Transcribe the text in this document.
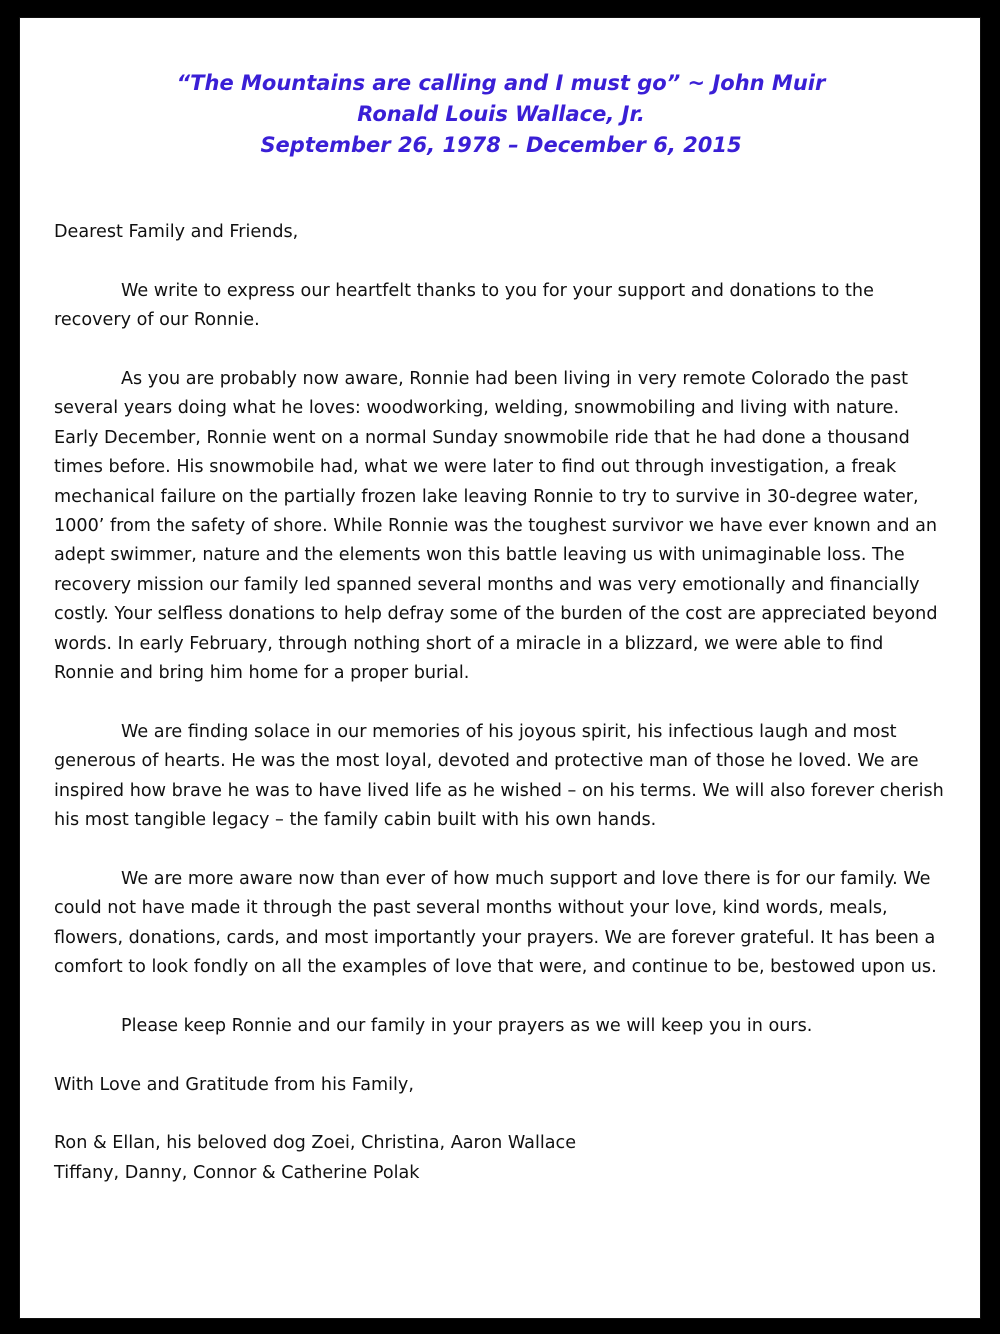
“The Mountains are calling and I must go” ~ John Muir
Ronald Louis Wallace, Jr.
September 26, 1978 – December 6, 2015

Dearest Family and Friends,

We write to express our heartfelt thanks to you for your support and donations to the recovery of our Ronnie.

As you are probably now aware, Ronnie had been living in very remote Colorado the past several years doing what he loves: woodworking, welding, snowmobiling and living with nature. Early December, Ronnie went on a normal Sunday snowmobile ride that he had done a thousand times before. His snowmobile had, what we were later to find out through investigation, a freak mechanical failure on the partially frozen lake leaving Ronnie to try to survive in 30-degree water, 1000’ from the safety of shore. While Ronnie was the toughest survivor we have ever known and an adept swimmer, nature and the elements won this battle leaving us with unimaginable loss. The recovery mission our family led spanned several months and was very emotionally and financially costly. Your selfless donations to help defray some of the burden of the cost are appreciated beyond words. In early February, through nothing short of a miracle in a blizzard, we were able to find Ronnie and bring him home for a proper burial.

We are finding solace in our memories of his joyous spirit, his infectious laugh and most generous of hearts. He was the most loyal, devoted and protective man of those he loved. We are inspired how brave he was to have lived life as he wished – on his terms. We will also forever cherish his most tangible legacy – the family cabin built with his own hands.

We are more aware now than ever of how much support and love there is for our family. We could not have made it through the past several months without your love, kind words, meals, flowers, donations, cards, and most importantly your prayers. We are forever grateful. It has been a comfort to look fondly on all the examples of love that were, and continue to be, bestowed upon us.

Please keep Ronnie and our family in your prayers as we will keep you in ours.

With Love and Gratitude from his Family,

Ron & Ellan, his beloved dog Zoei, Christina, Aaron Wallace
Tiffany, Danny, Connor & Catherine Polak
